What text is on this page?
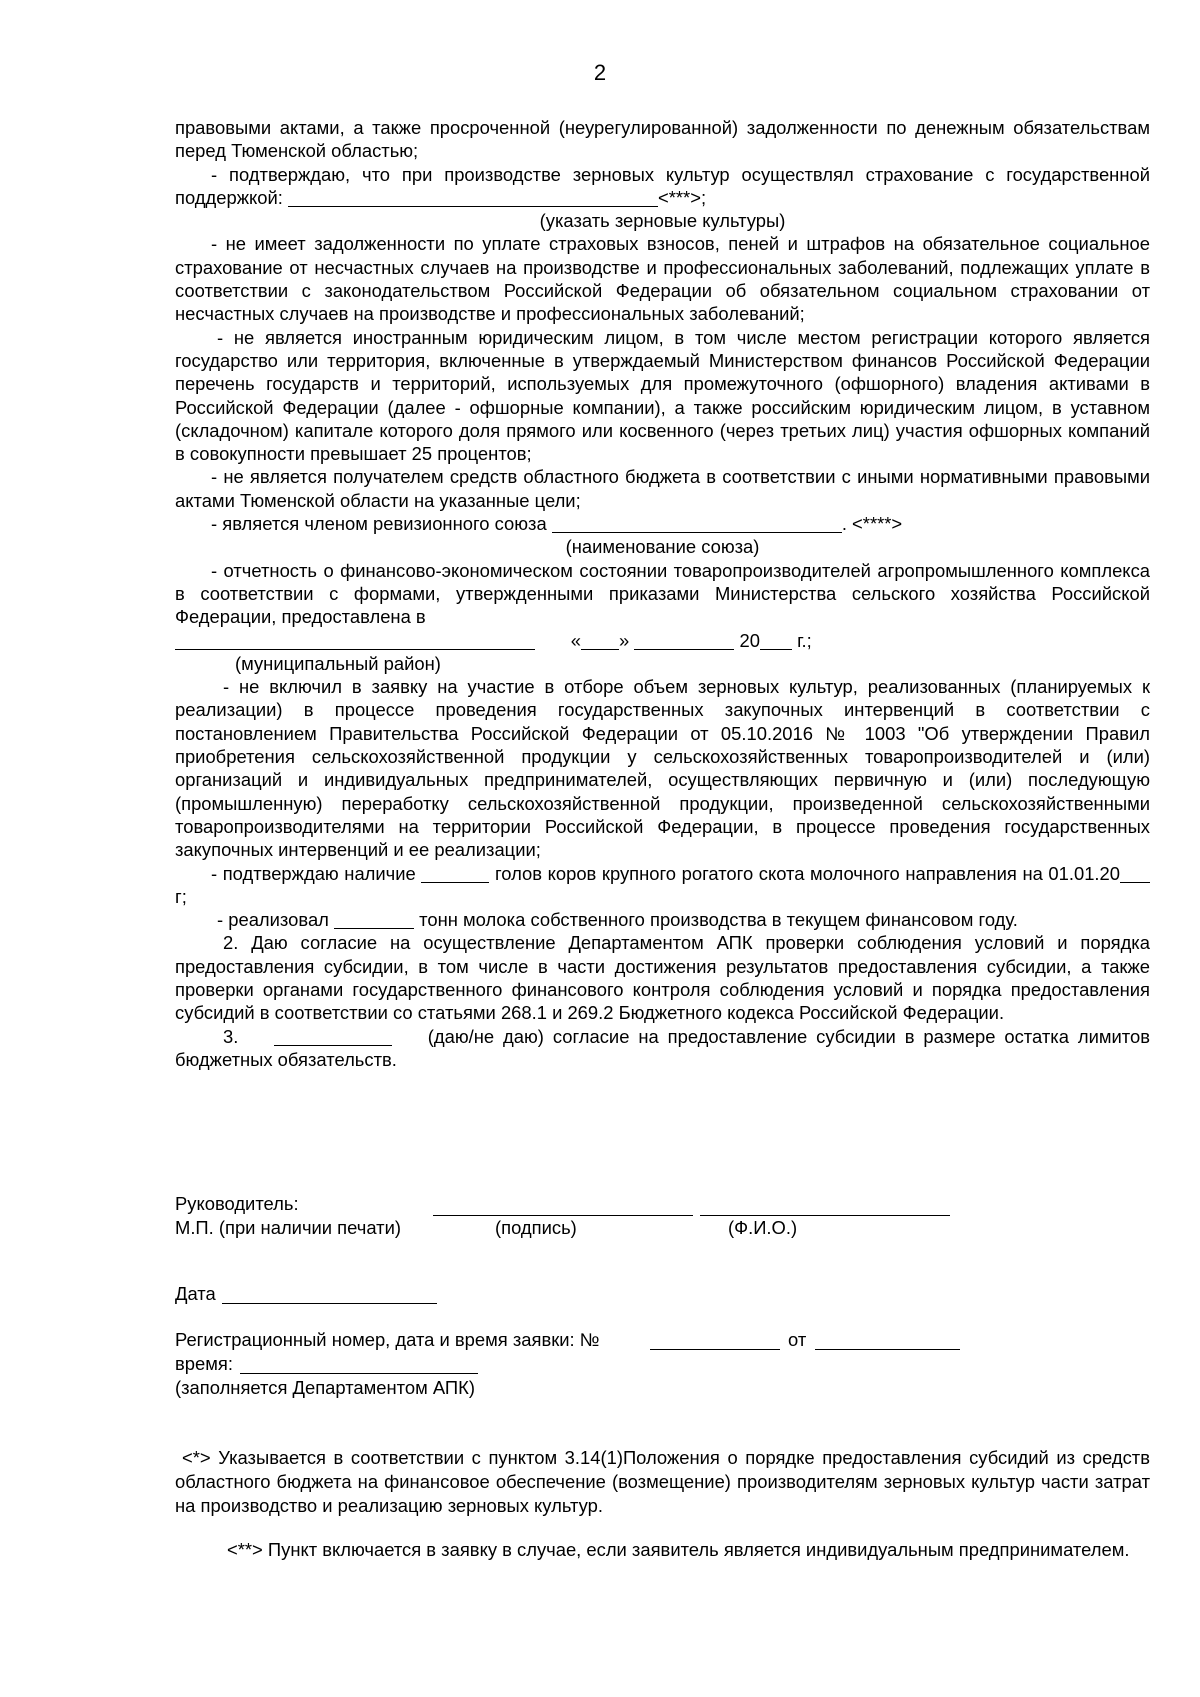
2

правовыми актами, а также просроченной (неурегулированной) задолженности по денежным обязательствам перед Тюменской областью;

- подтверждаю, что при производстве зерновых культур осуществлял страхование с государственной поддержкой:	<***>;

(указать зерновые культуры)

- не имеет задолженности по уплате страховых взносов, пеней и штрафов на обязательное социальное страхование от несчастных случаев на производстве и профессиональных заболеваний, подлежащих уплате в соответствии с законодательством Российской Федерации об обязательном социальном страховании от несчастных случаев на производстве и профессиональных заболеваний;

- не является иностранным юридическим лицом, в том числе местом регистрации которого является государство или территория, включенные в утверждаемый Министерством финансов Российской Федерации перечень государств и территорий, используемых для промежуточного (офшорного) владения активами в Российской Федерации (далее - офшорные компании), а также российским юридическим лицом, в уставном (складочном) капитале которого доля прямого или косвенного (через третьих лиц) участия офшорных компаний в совокупности превышает 25 процентов;

- не является получателем средств областного бюджета в соответствии с иными нормативными правовыми актами Тюменской области на указанные цели;

- является членом ревизионного союза	. <****>

(наименование союза)

- отчетность о финансово-экономическом состоянии товаропроизводителей агропромышленного комплекса в соответствии с формами, утвержденными приказами Министерства сельского хозяйства Российской Федерации, предоставлена в

« »	20 г.;

(муниципальный район)

- не включил в заявку на участие в отборе объем зерновых культур, реализованных (планируемых к реализации) в процессе проведения государственных закупочных интервенций в соответствии с постановлением Правительства Российской Федерации от 05.10.2016 № 1003 "Об утверждении Правил приобретения сельскохозяйственной продукции у сельскохозяйственных товаропроизводителей и (или) организаций и индивидуальных предпринимателей, осуществляющих первичную и (или) последующую (промышленную) переработку сельскохозяйственной продукции, произведенной сельскохозяйственными товаропроизводителями на территории Российской Федерации, в процессе проведения государственных закупочных интервенций и ее реализации;

- подтверждаю наличие	голов коров крупного рогатого скота молочного направления на 01.01.20г;

- реализовал	тонн молока собственного производства в текущем финансовом году.

2. Даю согласие на осуществление Департаментом АПК проверки соблюдения условий и порядка предоставления субсидии, в том числе в части достижения результатов предоставления субсидии, а также проверки органами государственного финансового контроля соблюдения условий и порядка предоставления субсидий в соответствии со статьями 268.1 и 269.2 Бюджетного кодекса Российской Федерации.

3.	(даю/не даю) согласие на предоставление субсидии в размере остатка лимитов бюджетных обязательств.

Руководитель:
М.П. (при наличии печати)	(подпись)	(Ф.И.О.)
Дата
Регистрационный номер, дата и время заявки: №	от
время:
(заполняется Департаментом АПК)
<*> Указывается в соответствии с пунктом 3.14(1)Положения о порядке предоставления субсидий из средств областного бюджета на финансовое обеспечение (возмещение) производителям зерновых культур части затрат на производство и реализацию зерновых культур.
<**> Пункт включается в заявку в случае, если заявитель является индивидуальным предпринимателем.
